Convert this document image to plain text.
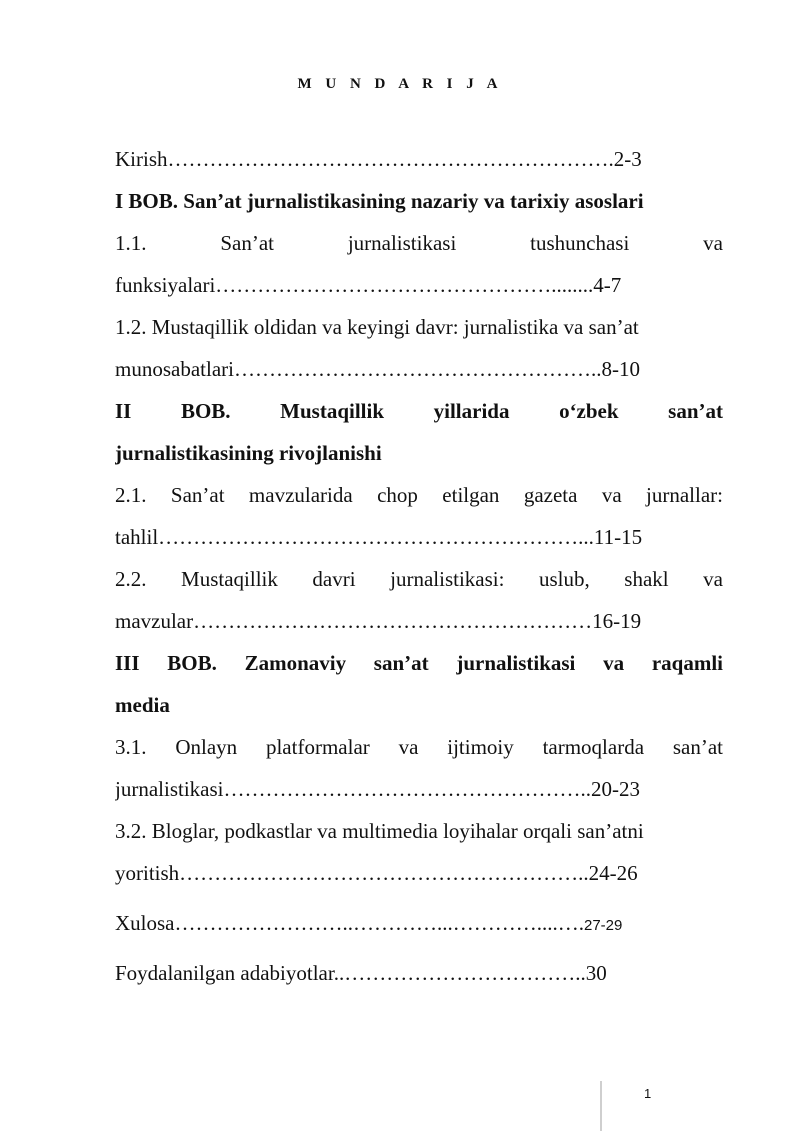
M U N D A R I J A
Kirish……………………………………………………….2-3
I BOB. San’at jurnalistikasining nazariy va tarixiy asoslari
1.1.	San’at	jurnalistikasi	tushunchasi	va
funksiyalari…………………………………………........4-7
1.2. Mustaqillik oldidan va keyingi davr: jurnalistika va san’at
munosabatlari……………………………………………..8-10
II BOB. Mustaqillik yillarida o‘zbek san’at
jurnalistikasining rivojlanishi
2.1. San’at mavzularida chop etilgan gazeta va jurnallar:
tahlil……………………………………………………...11-15
2.2. Mustaqillik davri jurnalistikasi: uslub, shakl va
mavzular…………………………………………………16-19
III BOB. Zamonaviy san’at jurnalistikasi va raqamli
media
3.1. Onlayn platformalar va ijtimoiy tarmoqlarda san’at
jurnalistikasi……………………………………………..20-23
3.2. Bloglar, podkastlar va multimedia loyihalar orqali san’atni
yoritish…………………………………………………..24-26
Xulosa……………………..…………...…………....….27-29
Foydalanilgan adabiyotlar..……………………………..30
1
